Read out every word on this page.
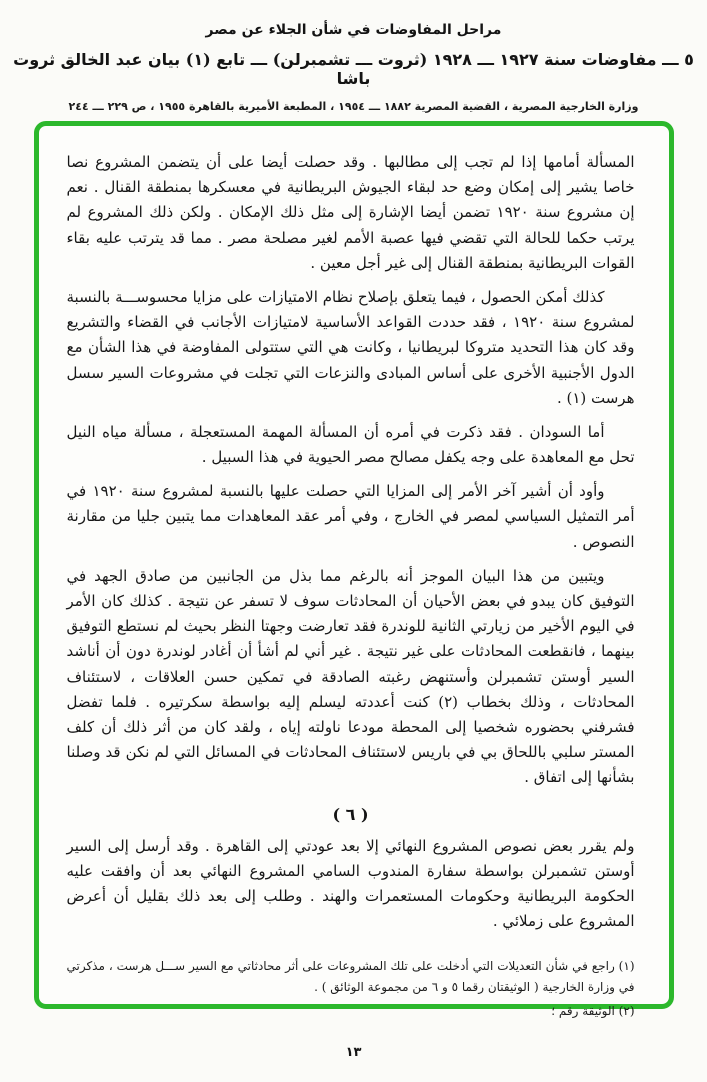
مراحل المفاوضات في شأن الجلاء عن مصر
٥ ـــ مفاوضات سنة ١٩٢٧ ـــ ١٩٢٨ (ثروت ـــ تشمبرلن) ـــ تابع (١) بيان عبد الخالق ثروت باشا
وزارة الخارجية المصرية ، القضية المصرية ١٨٨٢ ـــ ١٩٥٤ ، المطبعة الأميرية بالقاهرة ١٩٥٥ ، ص ٢٢٩ ـــ ٢٤٤

المسألة أمامها إذا لم تجب إلى مطالبها . وقد حصلت أيضا على أن يتضمن المشروع نصا خاصا يشير إلى إمكان وضع حد لبقاء الجيوش البريطانية في معسكرها بمنطقة القنال . نعم إن مشروع سنة ١٩٢٠ تضمن أيضا الإشارة إلى مثل ذلك الإمكان . ولكن ذلك المشروع لم يرتب حكما للحالة التي تقضي فيها عصبة الأمم لغير مصلحة مصر . مما قد يترتب عليه بقاء القوات البريطانية بمنطقة القنال إلى غير أجل معين .

كذلك أمكن الحصول ، فيما يتعلق بإصلاح نظام الامتيازات على مزايا محسوســـة بالنسبة لمشروع سنة ١٩٢٠ ، فقد حددت القواعد الأساسية لامتيازات الأجانب في القضاء والتشريع وقد كان هذا التحديد متروكا لبريطانيا ، وكانت هي التي ستتولى المفاوضة في هذا الشأن مع الدول الأجنبية الأخرى على أساس المبادى والنزعات التي تجلت في مشروعات السير سسل هرست (١) .

أما السودان . فقد ذكرت في أمره أن المسألة المهمة المستعجلة ، مسألة مياه النيل تحل مع المعاهدة على وجه يكفل مصالح مصر الحيوية في هذا السبيل .

وأود أن أشير آخر الأمر إلى المزايا التي حصلت عليها بالنسبة لمشروع سنة ١٩٢٠ في أمر التمثيل السياسي لمصر في الخارج ، وفي أمر عقد المعاهدات مما يتبين جليا من مقارنة النصوص .

ويتبين من هذا البيان الموجز أنه بالرغم مما بذل من الجانبين من صادق الجهد في التوفيق كان يبدو في بعض الأحيان أن المحادثات سوف لا تسفر عن نتيجة . كذلك كان الأمر في اليوم الأخير من زيارتي الثانية للوندرة فقد تعارضت وجهتا النظر بحيث لم نستطع التوفيق بينهما ، فانقطعت المحادثات على غير نتيجة . غير أني لم أشأ أن أغادر لوندرة دون أن أناشد السير أوستن تشمبرلن وأستنهض رغبته الصادقة في تمكين حسن العلاقات ، لاستئناف المحادثات ، وذلك بخطاب (٢) كنت أعددته ليسلم إليه بواسطة سكرتيره . فلما تفضل فشرفني بحضوره شخصيا إلى المحطة مودعا ناولته إياه ، ولقد كان من أثر ذلك أن كلف المستر سلبي باللحاق بي في باريس لاستئناف المحادثات في المسائل التي لم نكن قد وصلنا بشأنها إلى اتفاق .

( ٦ )

ولم يقرر بعض نصوص المشروع النهائي إلا بعد عودتي إلى القاهرة . وقد أرسل إلى السير أوستن تشمبرلن بواسطة سفارة المندوب السامي المشروع النهائي بعد أن وافقت عليه الحكومة البريطانية وحكومات المستعمرات والهند . وطلب إلى بعد ذلك بقليل أن أعرض المشروع على زملائي .

(١) راجع في شأن التعديلات التي أدخلت على تلك المشروعات على أثر محادثاتي مع السير ســـل هرست ، مذكرتي في وزارة الخارجية ( الوثيقتان رقما ٥ و ٦ من مجموعة الوثائق ) .

(٢) الوثيقة رقم ؛

١٣
